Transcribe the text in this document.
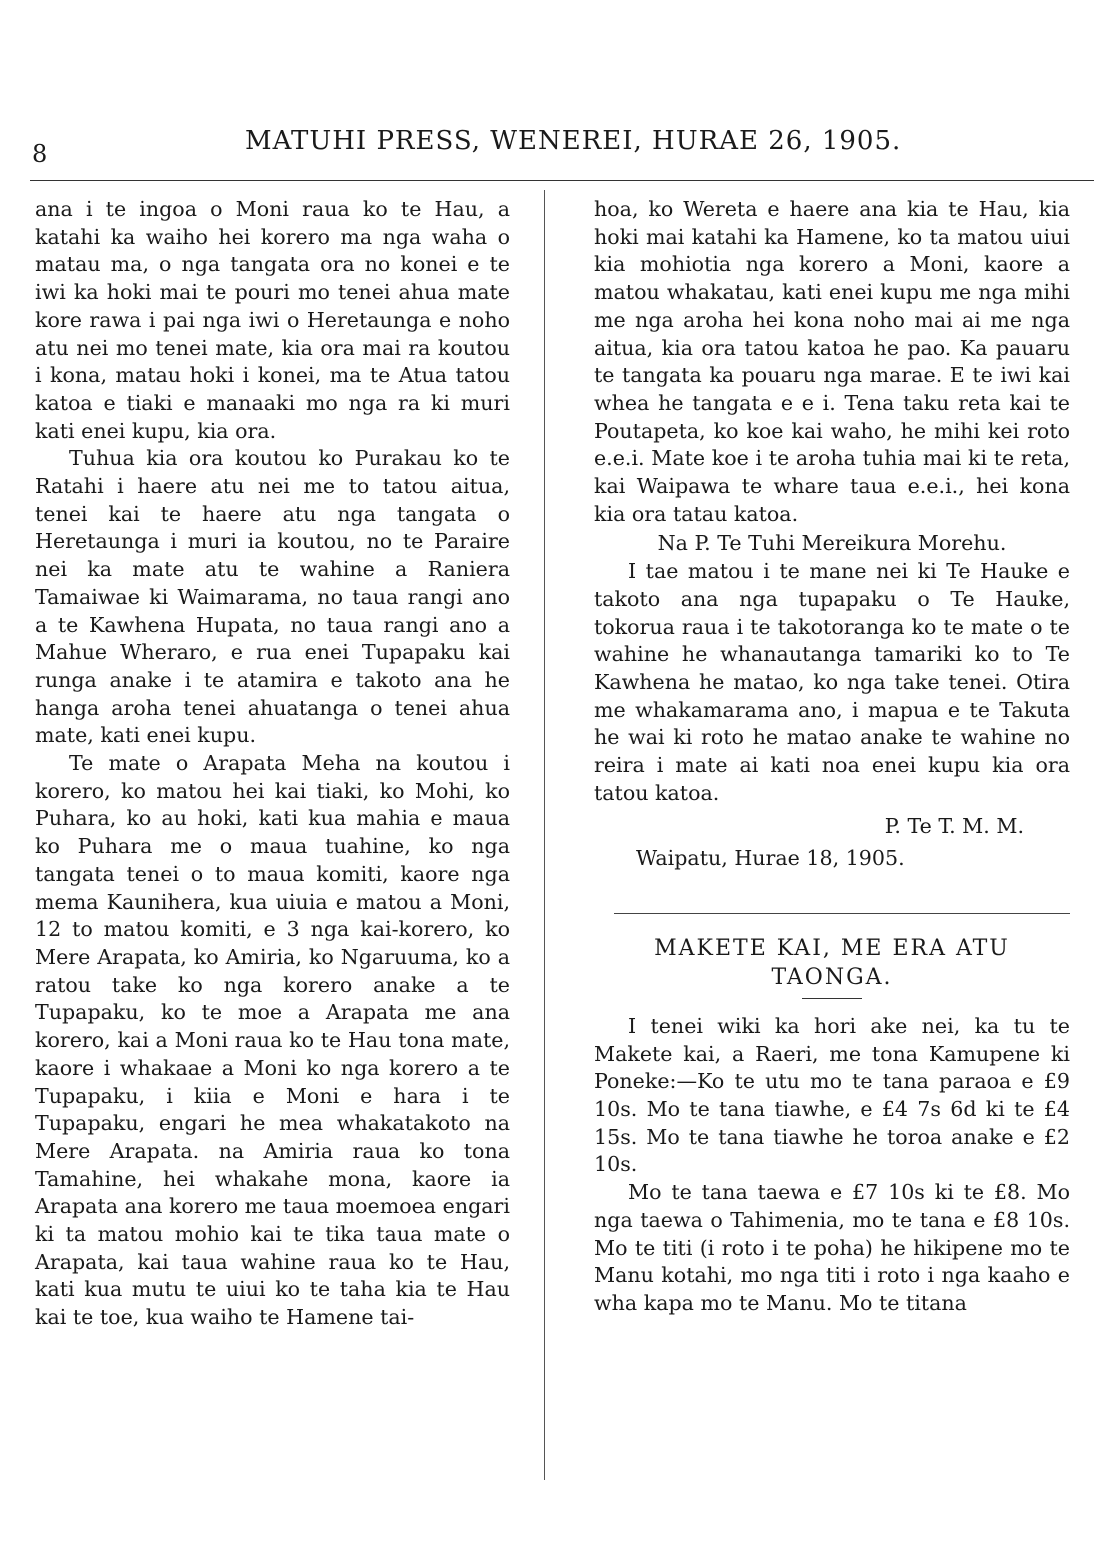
8	MATUHI PRESS, WENEREI, HURAE 26, 1905.

ana i te ingoa o Moni raua ko te Hau, a katahi ka waiho hei korero ma nga waha o matau ma, o nga tangata ora no konei e te iwi ka hoki mai te pouri mo tenei ahua mate kore rawa i pai nga iwi o Heretaunga e noho atu nei mo tenei mate, kia ora mai ra koutou i kona, matau hoki i konei, ma te Atua tatou katoa e tiaki e manaaki mo nga ra ki muri kati enei kupu, kia ora.

Tuhua kia ora koutou ko Purakau ko te Ratahi i haere atu nei me to tatou aitua, tenei kai te haere atu nga tangata o Heretaunga i muri ia koutou, no te Paraire nei ka mate atu te wahine a Raniera Tamaiwae ki Waimarama, no taua rangi ano a te Kawhena Hupata, no taua rangi ano a Mahue Wheraro, e rua enei Tupapaku kai runga anake i te atamira e takoto ana he hanga aroha tenei ahuatanga o tenei ahua mate, kati enei kupu.

Te mate o Arapata Meha na koutou i korero, ko matou hei kai tiaki, ko Mohi, ko Puhara, ko au hoki, kati kua mahia e maua ko Puhara me o maua tuahine, ko nga tangata tenei o to maua komiti, kaore nga mema Kaunihera, kua uiuia e matou a Moni, 12 to matou komiti, e 3 nga kai-korero, ko Mere Arapata, ko Amiria, ko Ngaruuma, ko a ratou take ko nga korero anake a te Tupapaku, ko te moe a Arapata me ana korero, kai a Moni raua ko te Hau tona mate, kaore i whakaae a Moni ko nga korero a te Tupapaku, i kiia e Moni e hara i te Tupapaku, engari he mea whakatakoto na Mere Arapata. na Amiria raua ko tona Tamahine, hei whakahe mona, kaore ia Arapata ana korero me taua moemoea engari ki ta matou mohio kai te tika taua mate o Arapata, kai taua wahine raua ko te Hau, kati kua mutu te uiui ko te taha kia te Hau kai te toe, kua waiho te Hamene tai-

hoa, ko Wereta e haere ana kia te Hau, kia hoki mai katahi ka Hamene, ko ta matou uiui kia mohiotia nga korero a Moni, kaore a matou whakatau, kati enei kupu me nga mihi me nga aroha hei kona noho mai ai me nga aitua, kia ora tatou katoa he pao. Ka pauaru te tangata ka pouaru nga marae. E te iwi kai whea he tangata e e i. Tena taku reta kai te Poutapeta, ko koe kai waho, he mihi kei roto e.e.i. Mate koe i te aroha tuhia mai ki te reta, kai Waipawa te whare taua e.e.i., hei kona kia ora tatau katoa.

Na P. Te Tuhi Mereikura Morehu.

I tae matou i te mane nei ki Te Hauke e takoto ana nga tupapaku o Te Hauke, tokorua raua i te takotoranga ko te mate o te wahine he whanautanga tamariki ko to Te Kawhena he matao, ko nga take tenei. Otira me whakamarama ano, i mapua e te Takuta he wai ki roto he matao anake te wahine no reira i mate ai kati noa enei kupu kia ora tatou katoa.

P. Te T. M. M.

Waipatu, Hurae 18, 1905.

MAKETE KAI, ME ERA ATU TAONGA.

I tenei wiki ka hori ake nei, ka tu te Makete kai, a Raeri, me tona Kamupene ki Poneke:—Ko te utu mo te tana paraoa e £9 10s. Mo te tana tiawhe, e £4 7s 6d ki te £4 15s. Mo te tana tiawhe he toroa anake e £2 10s.

Mo te tana taewa e £7 10s ki te £8. Mo nga taewa o Tahimenia, mo te tana e £8 10s. Mo te titi (i roto i te poha) he hikipene mo te Manu kotahi, mo nga titi i roto i nga kaaho e wha kapa mo te Manu. Mo te titana
